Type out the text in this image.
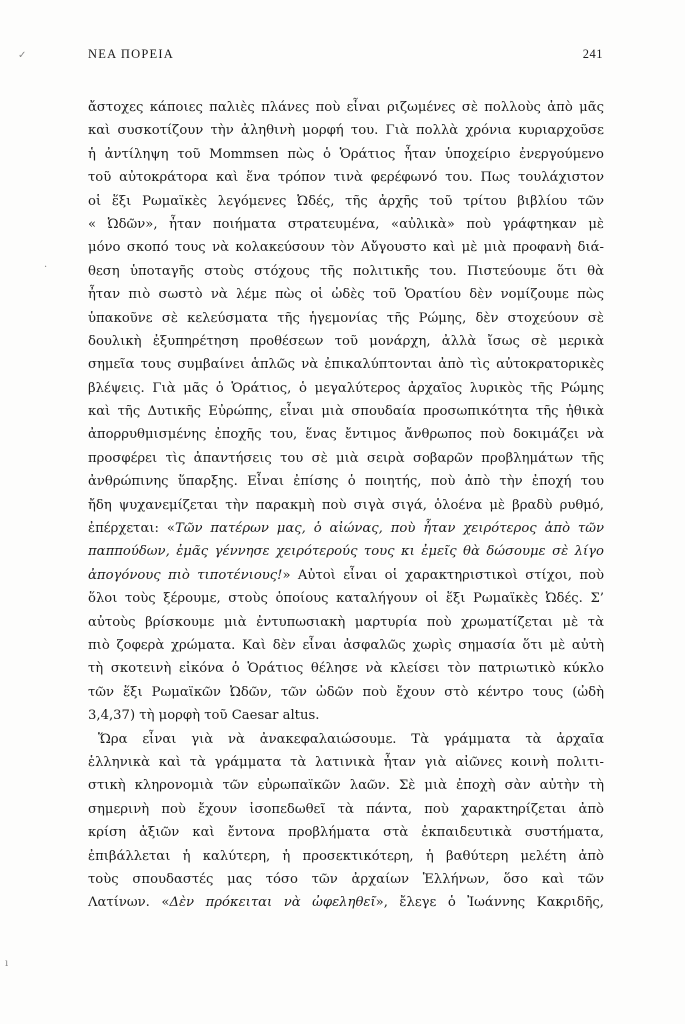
ΝΕΑ ΠΟΡΕΙΑ	241
✓
·
ı
ἄστοχες κάποιες παλιὲς πλάνες ποὺ εἶναι ριζωμένες σὲ πολλοὺς ἀπὸ μᾶς
καὶ συσκοτίζουν τὴν ἀληθινὴ μορφή του. Γιὰ πολλὰ χρόνια κυριαρχοῦσε
ἡ ἀντίληψη τοῦ Mommsen πὼς ὁ Ὁράτιος ἦταν ὑποχείριο ἐνεργούμενο
τοῦ αὐτοκράτορα καὶ ἕνα τρόπον τινὰ φερέφωνό του. Πως τουλάχιστον
οἱ ἕξι Ρωμαϊκὲς λεγόμενες Ὠδές, τῆς ἀρχῆς τοῦ τρίτου βιβλίου τῶν
« Ὠδῶν», ἦταν ποιήματα στρατευμένα, «αὐλικὰ» ποὺ γράφτηκαν μὲ
μόνο σκοπό τους νὰ κολακεύσουν τὸν Αὔγουστο καὶ μὲ μιὰ προφανὴ διά-
θεση ὑποταγῆς στοὺς στόχους τῆς πολιτικῆς του. Πιστεύουμε ὅτι θὰ
ἦταν πιὸ σωστὸ νὰ λέμε πὼς οἱ ὠδὲς τοῦ Ὁρατίου δὲν νομίζουμε πὼς
ὑπακοῦνε σὲ κελεύσματα τῆς ἡγεμονίας τῆς Ρώμης, δὲν στοχεύουν σὲ
δουλικὴ ἐξυπηρέτηση προθέσεων τοῦ μονάρχη, ἀλλὰ ἴσως σὲ μερικὰ
σημεῖα τους συμβαίνει ἁπλῶς νὰ ἐπικαλύπτονται ἀπὸ τὶς αὐτοκρατορικὲς
βλέψεις. Γιὰ μᾶς ὁ Ὁράτιος, ὁ μεγαλύτερος ἀρχαῖος λυρικὸς τῆς Ρώμης
καὶ τῆς Δυτικῆς Εὐρώπης, εἶναι μιὰ σπουδαία προσωπικότητα τῆς ἠθικὰ
ἀπορρυθμισμένης ἐποχῆς του, ἕνας ἔντιμος ἄνθρωπος ποὺ δοκιμάζει νὰ
προσφέρει τὶς ἀπαντήσεις του σὲ μιὰ σειρὰ σοβαρῶν προβλημάτων τῆς
ἀνθρώπινης ὕπαρξης. Εἶναι ἐπίσης ὁ ποιητής, ποὺ ἀπὸ τὴν ἐποχή του
ἤδη ψυχανεμίζεται τὴν παρακμὴ ποὺ σιγὰ σιγά, ὁλοένα μὲ βραδὺ ρυθμό,
ἐπέρχεται: «Τῶν πατέρων μας, ὁ αἰώνας, ποὺ ἦταν χειρότερος ἀπὸ τῶν
παππούδων, ἐμᾶς γέννησε χειρότερούς τους κι ἐμεῖς θὰ δώσουμε σὲ λίγο
ἀπογόνους πιὸ τιποτένιους!» Αὐτοὶ εἶναι οἱ χαρακτηριστικοὶ στίχοι, ποὺ
ὅλοι τοὺς ξέρουμε, στοὺς ὁποίους καταλήγουν οἱ ἕξι Ρωμαϊκὲς Ὠδές. Σ’
αὐτοὺς βρίσκουμε μιὰ ἐντυπωσιακὴ μαρτυρία ποὺ χρωματίζεται μὲ τὰ
πιὸ ζοφερὰ χρώματα. Καὶ δὲν εἶναι ἀσφαλῶς χωρὶς σημασία ὅτι μὲ αὐτὴ
τὴ σκοτεινὴ εἰκόνα ὁ Ὁράτιος θέλησε νὰ κλείσει τὸν πατριωτικὸ κύκλο
τῶν ἕξι Ρωμαϊκῶν Ὠδῶν, τῶν ὠδῶν ποὺ ἔχουν στὸ κέντρο τους (ὠδὴ
3,4,37) τὴ μορφὴ τοῦ Caesar altus.
Ὥρα εἶναι γιὰ νὰ ἀνακεφαλαιώσουμε. Τὰ γράμματα τὰ ἀρχαῖα
ἑλληνικὰ καὶ τὰ γράμματα τὰ λατινικὰ ἦταν γιὰ αἰῶνες κοινὴ πολιτι-
στικὴ κληρονομιὰ τῶν εὐρωπαϊκῶν λαῶν. Σὲ μιὰ ἐποχὴ σὰν αὐτὴν τὴ
σημερινὴ ποὺ ἔχουν ἰσοπεδωθεῖ τὰ πάντα, ποὺ χαρακτηρίζεται ἀπὸ
κρίση ἀξιῶν καὶ ἔντονα προβλήματα στὰ ἐκπαιδευτικὰ συστήματα,
ἐπιβάλλεται ἡ καλύτερη, ἡ προσεκτικότερη, ἡ βαθύτερη μελέτη ἀπὸ
τοὺς σπουδαστές μας τόσο τῶν ἀρχαίων Ἑλλήνων, ὅσο καὶ τῶν
Λατίνων. «Δὲν πρόκειται νὰ ὠφεληθεῖ», ἔλεγε ὁ Ἰωάννης Κακριδῆς,
